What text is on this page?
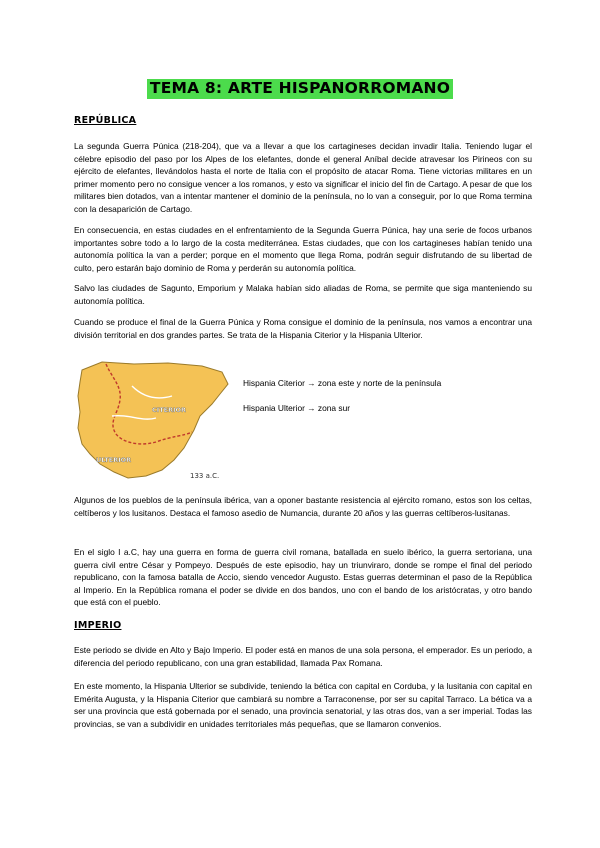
TEMA 8: ARTE HISPANORROMANO
REPÚBLICA

La segunda Guerra Púnica (218-204), que va a llevar a que los cartagineses decidan invadir Italia. Teniendo lugar el célebre episodio del paso por los Alpes de los elefantes, donde el general Aníbal decide atravesar los Pirineos con su ejército de elefantes, llevándolos hasta el norte de Italia con el propósito de atacar Roma. Tiene victorias militares en un primer momento pero no consigue vencer a los romanos, y esto va significar el inicio del fin de Cartago. A pesar de que los militares bien dotados, van a intentar mantener el dominio de la península, no lo van a conseguir, por lo que Roma termina con la desaparición de Cartago.

En consecuencia, en estas ciudades en el enfrentamiento de la Segunda Guerra Púnica, hay una serie de focos urbanos importantes sobre todo a lo largo de la costa mediterránea. Estas ciudades, que con los cartagineses habían tenido una autonomía política la van a perder; porque en el momento que llega Roma, podrán seguir disfrutando de su libertad de culto, pero estarán bajo dominio de Roma y perderán su autonomía política.

Salvo las ciudades de Sagunto, Emporium y Malaka habían sido aliadas de Roma, se permite que siga manteniendo su autonomía política.

Cuando se produce el final de la Guerra Púnica y Roma consigue el dominio de la península, nos vamos a encontrar una división territorial en dos grandes partes. Se trata de la Hispania Citerior y la Hispania Ulterior.

CITERIOR
ULTERIOR
133 a.C.
Hispania Citerior → zona este y norte de la península
Hispania Ulterior → zona sur

Algunos de los pueblos de la península ibérica, van a oponer bastante resistencia al ejército romano, estos son los celtas, celtíberos y los lusitanos. Destaca el famoso asedio de Numancia, durante 20 años y las guerras celtíberos-lusitanas.

En el siglo I a.C, hay una guerra en forma de guerra civil romana, batallada en suelo ibérico, la guerra sertoriana, una guerra civil entre César y Pompeyo. Después de este episodio, hay un triunviraro, donde se rompe el final del periodo republicano, con la famosa batalla de Accio, siendo vencedor Augusto. Estas guerras determinan el paso de la República al Imperio. En la República romana el poder se divide en dos bandos, uno con el bando de los aristócratas, y otro bando que está con el pueblo.

IMPERIO

Este periodo se divide en Alto y Bajo Imperio. El poder está en manos de una sola persona, el emperador. Es un periodo, a diferencia del periodo republicano, con una gran estabilidad, llamada Pax Romana.

En este momento, la Hispania Ulterior se subdivide, teniendo la bética con capital en Corduba, y la lusitania con capital en Emérita Augusta, y la Hispania Citerior que cambiará su nombre a Tarraconense, por ser su capital Tarraco. La bética va a ser una provincia que está gobernada por el senado, una provincia senatorial, y las otras dos, van a ser imperial. Todas las provincias, se van a subdividir en unidades territoriales más pequeñas, que se llamaron convenios.
